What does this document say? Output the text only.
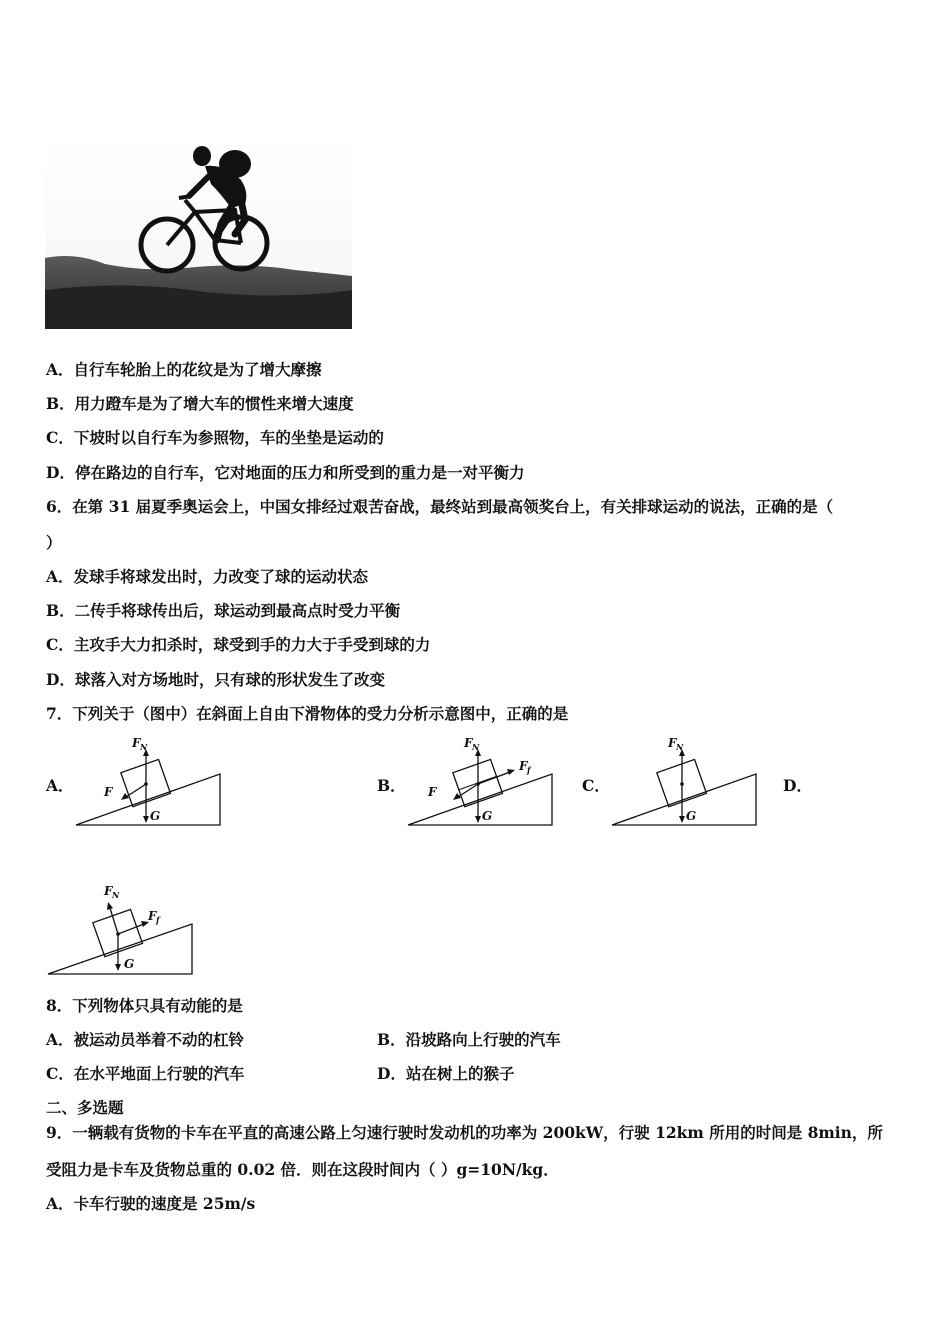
A．自行车轮胎上的花纹是为了增大摩擦
B．用力蹬车是为了增大车的惯性来增大速度
C．下坡时以自行车为参照物，车的坐垫是运动的
D．停在路边的自行车，它对地面的压力和所受到的重力是一对平衡力
6．在第 31 届夏季奥运会上，中国女排经过艰苦奋战，最终站到最高领奖台上，有关排球运动的说法，正确的是（
）
A．发球手将球发出时，力改变了球的运动状态
B．二传手将球传出后，球运动到最高点时受力平衡
C．主攻手大力扣杀时，球受到手的力大于手受到球的力
D．球落入对方场地时，只有球的形状发生了改变
7．下列关于（图中）在斜面上自由下滑物体的受力分析示意图中，正确的是
A．	B．	C．	D．
F N
F
G
F N
F f
F
G
F N
G
F N
F f
G
8．下列物体只具有动能的是
A．被运动员举着不动的杠铃	B．沿坡路向上行驶的汽车
C．在水平地面上行驶的汽车	D．站在树上的猴子
二、多选题
9．一辆载有货物的卡车在平直的高速公路上匀速行驶时发动机的功率为 200kW，行驶 12km 所用的时间是 8min，所
受阻力是卡车及货物总重的 0.02 倍．则在这段时间内（ ）g=10N/kg．
A．卡车行驶的速度是 25m/s
